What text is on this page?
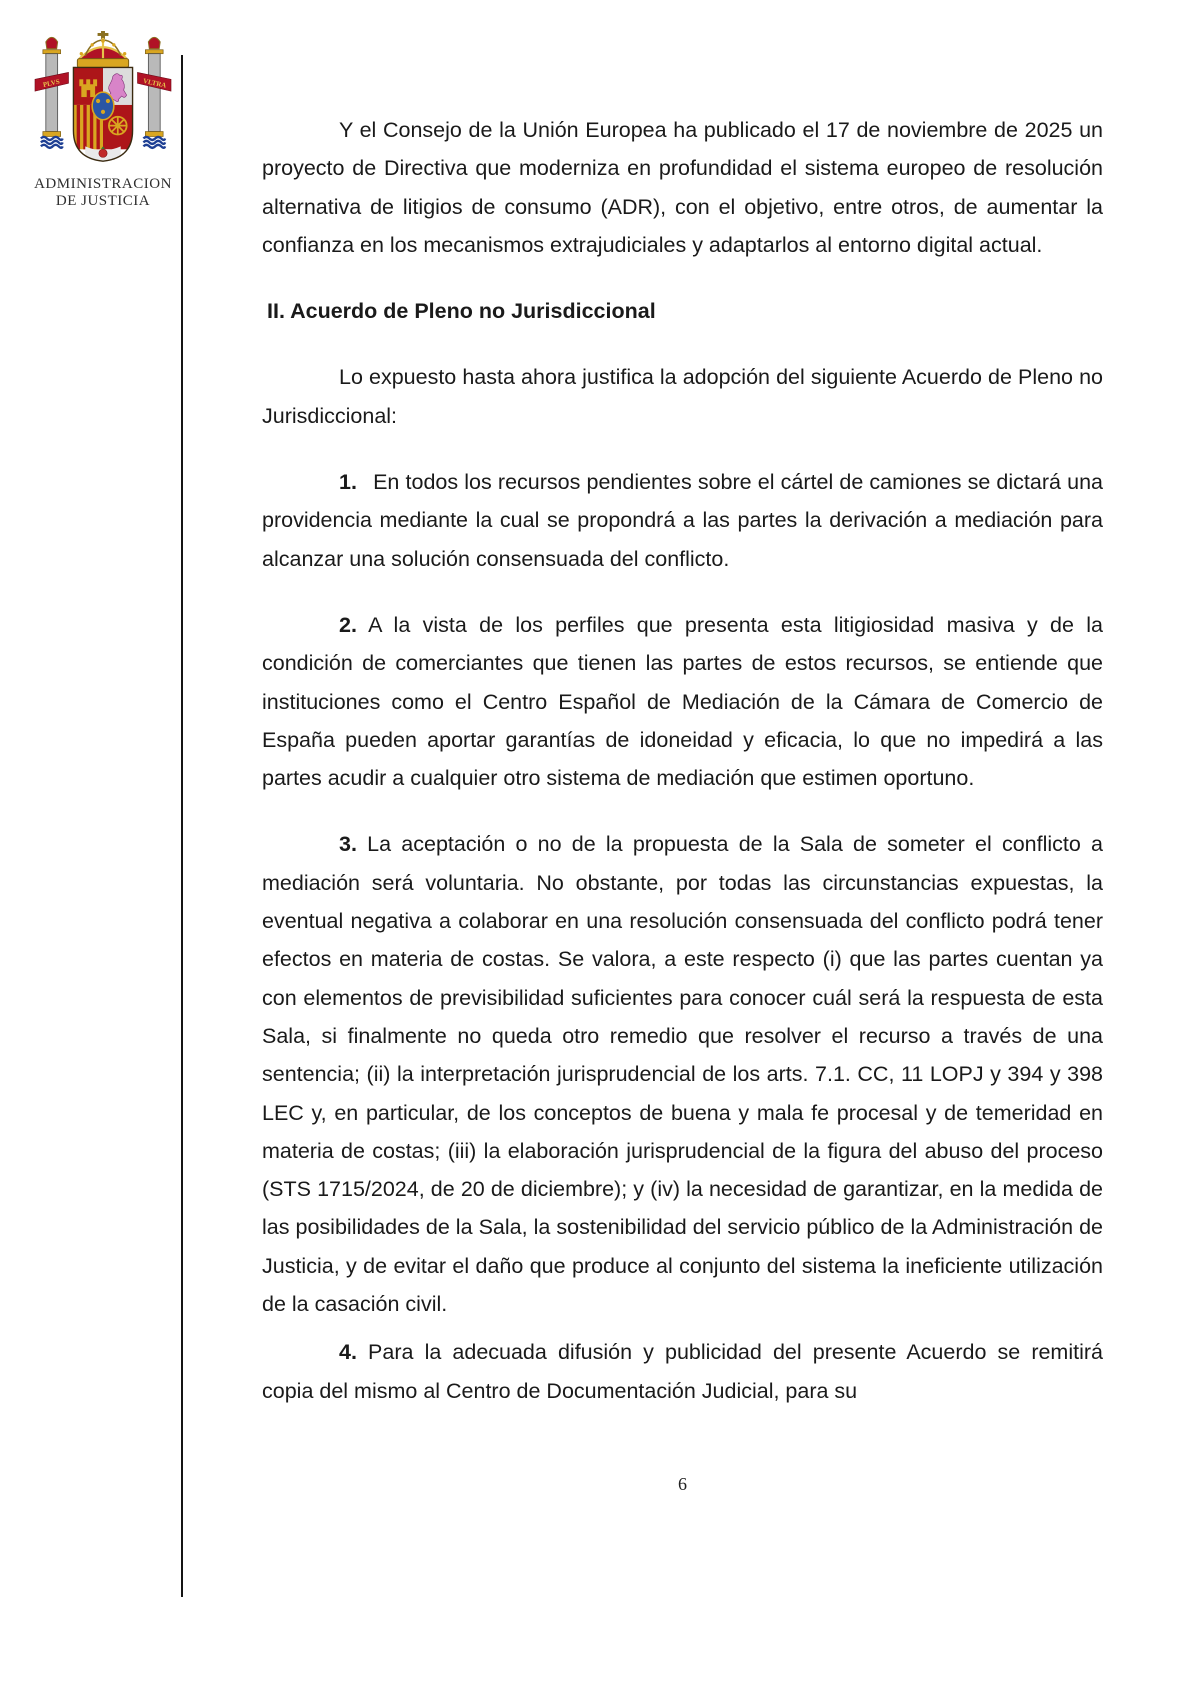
PLVS	VLTRA
ADMINISTRACION
DE JUSTICIA

Y el Consejo de la Unión Europea ha publicado el 17 de noviembre de 2025 un proyecto de Directiva que moderniza en profundidad el sistema europeo de resolución alternativa de litigios de consumo (ADR), con el objetivo, entre otros, de aumentar la confianza en los mecanismos extrajudiciales y adaptarlos al entorno digital actual.

II. Acuerdo de Pleno no Jurisdiccional

Lo expuesto hasta ahora justifica la adopción del siguiente Acuerdo de Pleno no Jurisdiccional:

1. En todos los recursos pendientes sobre el cártel de camiones se dictará una providencia mediante la cual se propondrá a las partes la derivación a mediación para alcanzar una solución consensuada del conflicto.

2. A la vista de los perfiles que presenta esta litigiosidad masiva y de la condición de comerciantes que tienen las partes de estos recursos, se entiende que instituciones como el Centro Español de Mediación de la Cámara de Comercio de España pueden aportar garantías de idoneidad y eficacia, lo que no impedirá a las partes acudir a cualquier otro sistema de mediación que estimen oportuno.

3. La aceptación o no de la propuesta de la Sala de someter el conflicto a mediación será voluntaria. No obstante, por todas las circunstancias expuestas, la eventual negativa a colaborar en una resolución consensuada del conflicto podrá tener efectos en materia de costas. Se valora, a este respecto (i) que las partes cuentan ya con elementos de previsibilidad suficientes para conocer cuál será la respuesta de esta Sala, si finalmente no queda otro remedio que resolver el recurso a través de una sentencia; (ii) la interpretación jurisprudencial de los arts. 7.1. CC, 11 LOPJ y 394 y 398 LEC y, en particular, de los conceptos de buena y mala fe procesal y de temeridad en materia de costas; (iii) la elaboración jurisprudencial de la figura del abuso del proceso (STS 1715/2024, de 20 de diciembre); y (iv) la necesidad de garantizar, en la medida de las posibilidades de la Sala, la sostenibilidad del servicio público de la Administración de Justicia, y de evitar el daño que produce al conjunto del sistema la ineficiente utilización de la casación civil.

4. Para la adecuada difusión y publicidad del presente Acuerdo se remitirá copia del mismo al Centro de Documentación Judicial, para su

6
